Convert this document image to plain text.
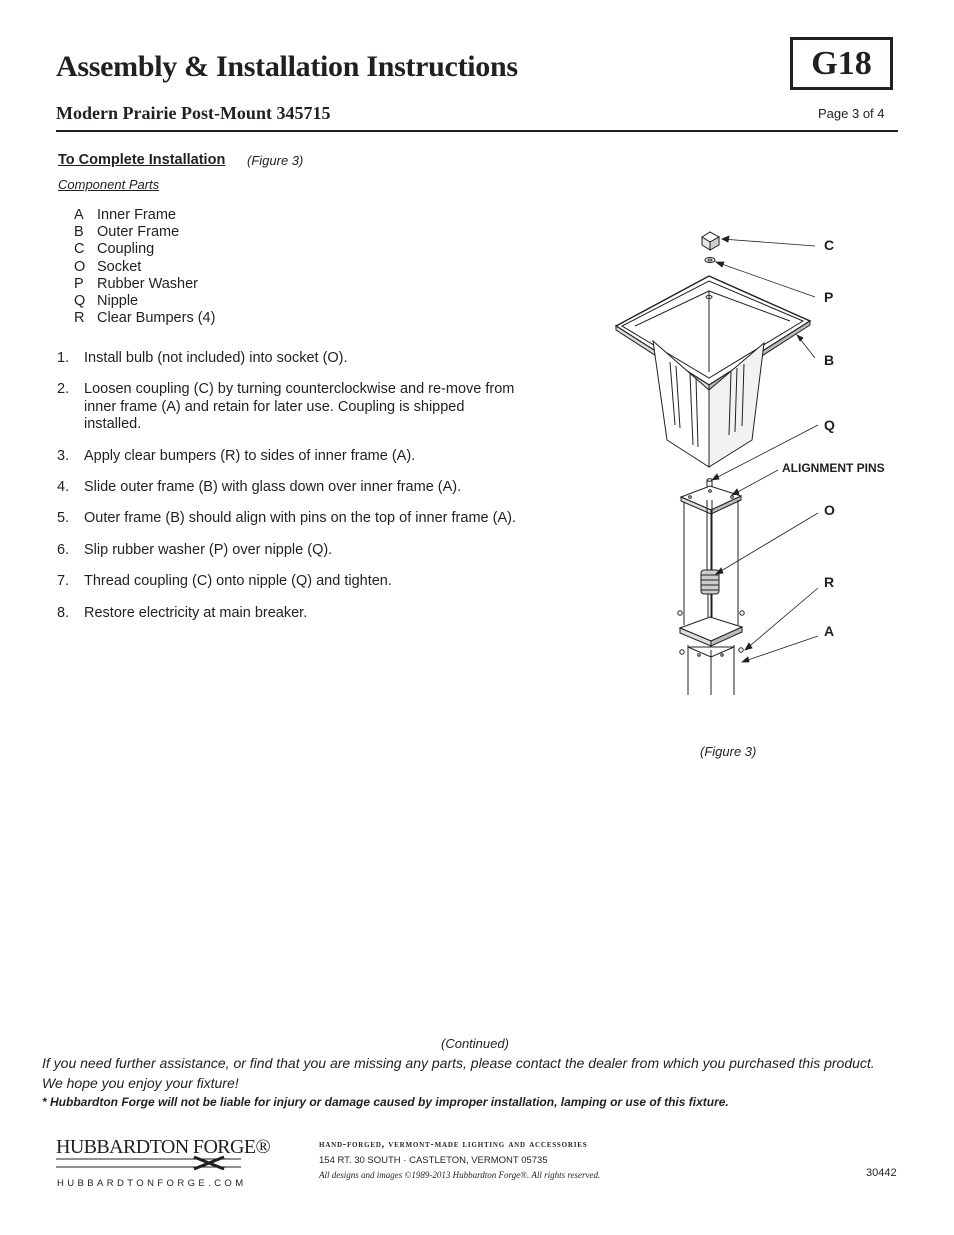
Assembly & Installation Instructions
Modern Prairie Post-Mount 345715
G18
Page 3 of 4
To Complete Installation (Figure 3)
Component Parts
A Inner Frame
B Outer Frame
C Coupling
O Socket
P Rubber Washer
Q Nipple
R Clear Bumpers (4)
1.	Install bulb (not included) into socket (O).
2.	Loosen coupling (C) by turning counterclockwise and re-move from inner frame (A) and retain for later use. Coupling is shipped installed.
3.	Apply clear bumpers (R) to sides of inner frame (A).
4.	Slide outer frame (B) with glass down over inner frame (A).
5.	Outer frame (B) should align with pins on the top of inner frame (A).
6.	Slip rubber washer (P) over nipple (Q).
7.	Thread coupling (C) onto nipple (Q) and tighten.
8.	Restore electricity at main breaker.
C
P
B
Q
ALIGNMENT PINS
O
R
A
(Figure 3)
(Continued)
If you need further assistance, or find that you are missing any parts, please contact the dealer from which you purchased this product.
We hope you enjoy your fixture!
* Hubbardton Forge will not be liable for injury or damage caused by improper installation, lamping or use of this fixture.
HUBBARDTON FORGE®
HUBBARDTONFORGE.COM
hand-forged, vermont-made lighting and accessories
154 RT. 30 SOUTH · CASTLETON, VERMONT 05735
All designs and images ©1989-2013 Hubbardton Forge®. All rights reserved.	30442
